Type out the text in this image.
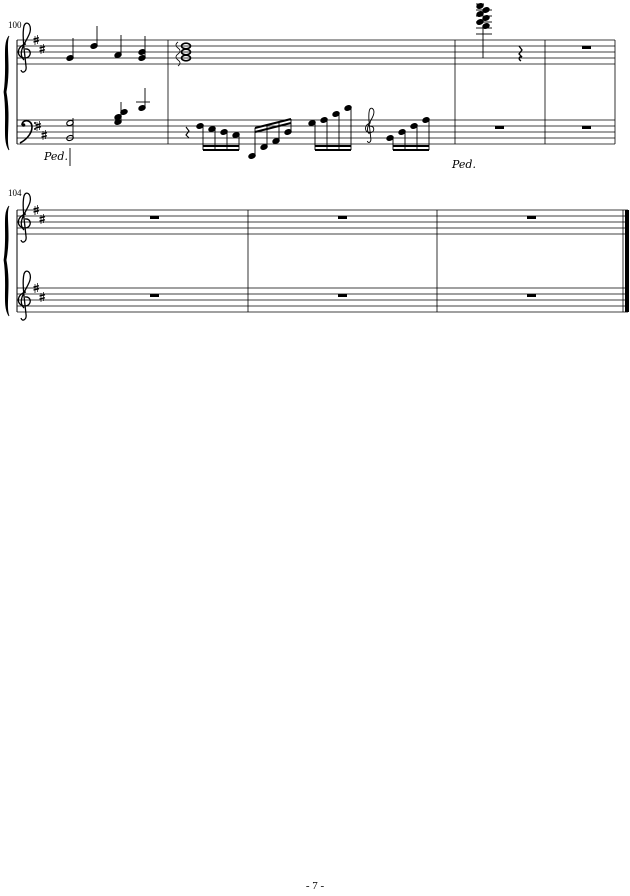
100
Ped.
Ped.
104
- 7 -
